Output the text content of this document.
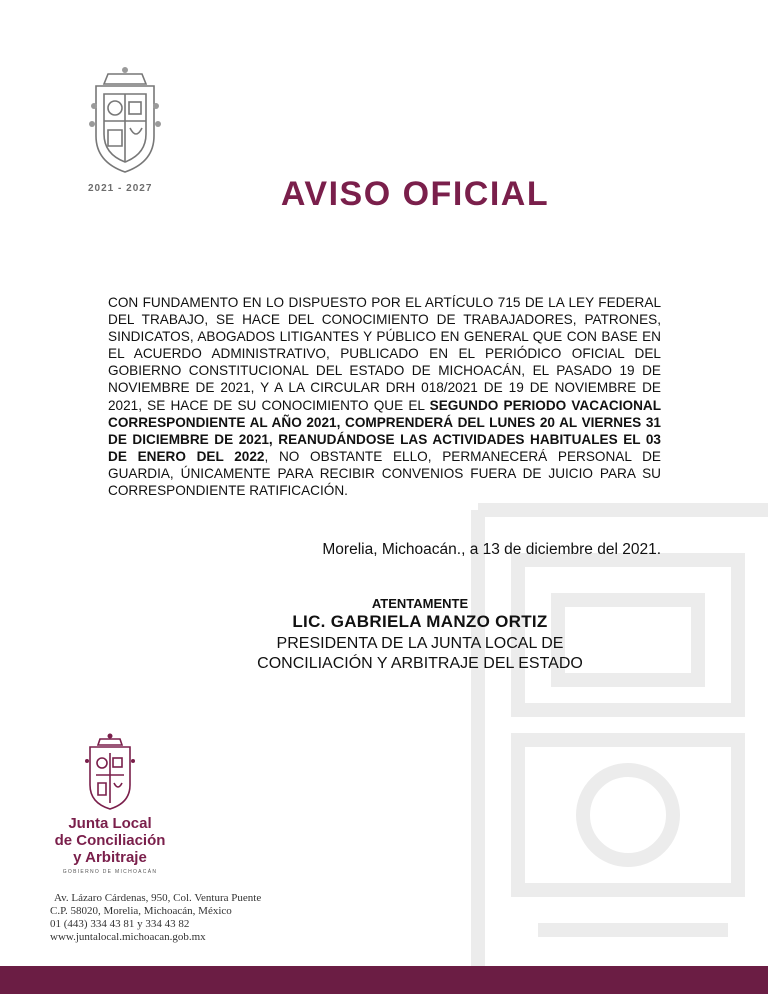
2021 - 2027	AVISO OFICIAL
CON FUNDAMENTO EN LO DISPUESTO POR EL ARTÍCULO 715 DE LA LEY FEDERAL DEL TRABAJO, SE HACE DEL CONOCIMIENTO DE TRABAJADORES, PATRONES, SINDICATOS, ABOGADOS LITIGANTES Y PÚBLICO EN GENERAL QUE CON BASE EN EL ACUERDO ADMINISTRATIVO, PUBLICADO EN EL PERIÓDICO OFICIAL DEL GOBIERNO CONSTITUCIONAL DEL ESTADO DE MICHOACÁN, EL PASADO 19 DE NOVIEMBRE DE 2021, Y A LA CIRCULAR DRH 018/2021 DE 19 DE NOVIEMBRE DE 2021, SE HACE DE SU CONOCIMIENTO QUE EL SEGUNDO PERIODO VACACIONAL CORRESPONDIENTE AL AÑO 2021, COMPRENDERÁ DEL LUNES 20 AL VIERNES 31 DE DICIEMBRE DE 2021, REANUDÁNDOSE LAS ACTIVIDADES HABITUALES EL 03 DE ENERO DEL 2022, NO OBSTANTE ELLO, PERMANECERÁ PERSONAL DE GUARDIA, ÚNICAMENTE PARA RECIBIR CONVENIOS FUERA DE JUICIO PARA SU CORRESPONDIENTE RATIFICACIÓN.
Morelia, Michoacán., a 13 de diciembre del 2021.
ATENTAMENTE
LIC. GABRIELA MANZO ORTIZ
PRESIDENTA DE LA JUNTA LOCAL DE
CONCILIACIÓN Y ARBITRAJE DEL ESTADO
Junta Local
de Conciliación
y Arbitraje
GOBIERNO DE MICHOACÁN
Av. Lázaro Cárdenas, 950, Col. Ventura Puente
C.P. 58020, Morelia, Michoacán, México
01 (443) 334 43 81 y 334 43 82
www.juntalocal.michoacan.gob.mx
